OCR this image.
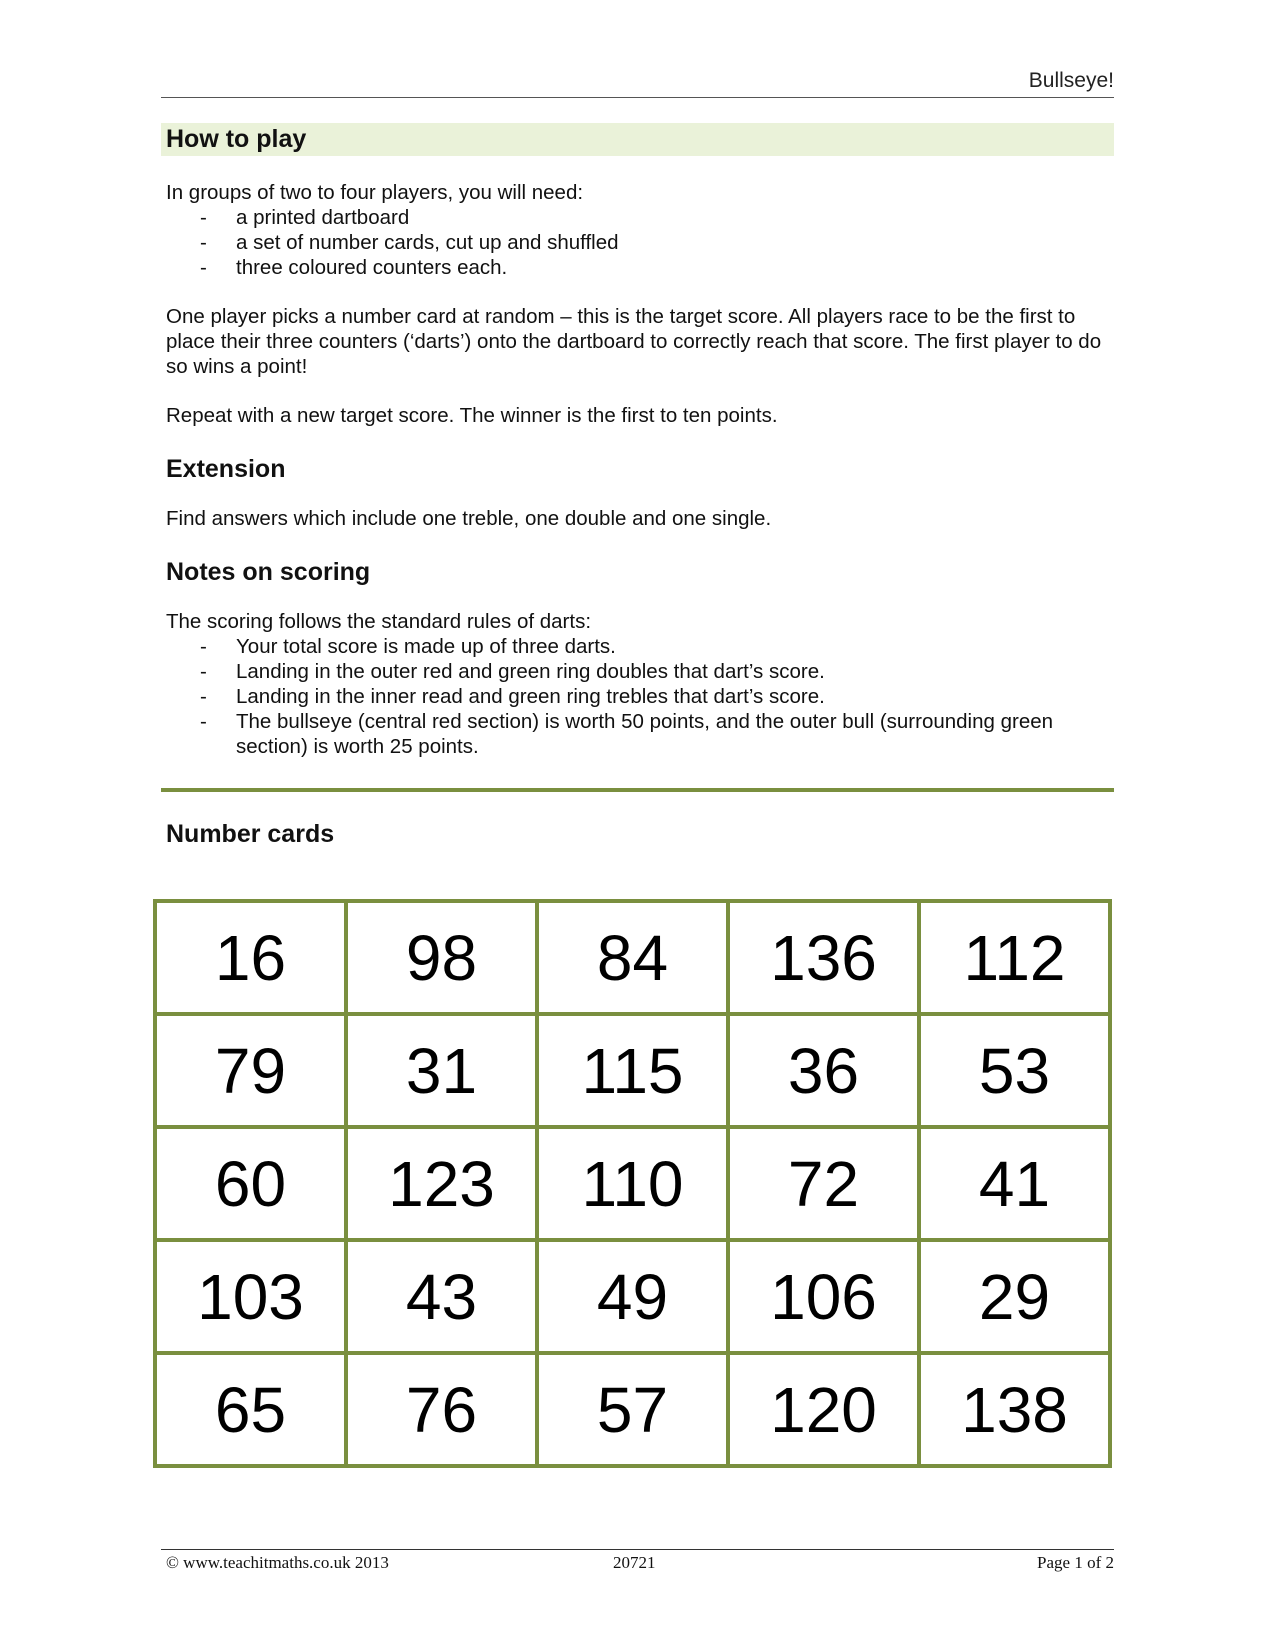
Bullseye!
How to play

In groups of two to four players, you will need:

- a printed dartboard
- a set of number cards, cut up and shuffled
- three coloured counters each.

One player picks a number card at random – this is the target score. All players race to be the first to place their three counters (‘darts’) onto the dartboard to correctly reach that score. The first player to do so wins a point!

Repeat with a new target score. The winner is the first to ten points.

Extension

Find answers which include one treble, one double and one single.

Notes on scoring

The scoring follows the standard rules of darts:

- Your total score is made up of three darts.
- Landing in the outer red and green ring doubles that dart’s score.
- Landing in the inner read and green ring trebles that dart’s score.
- The bullseye (central red section) is worth 50 points, and the outer bull (surrounding green section) is worth 25 points.
Number cards
16	98	84	136	112
79	31	115	36	53
60	123	110	72	41
103	43	49	106	29
65	76	57	120	138
© www.teachitmaths.co.uk 2013	20721	Page 1 of 2
